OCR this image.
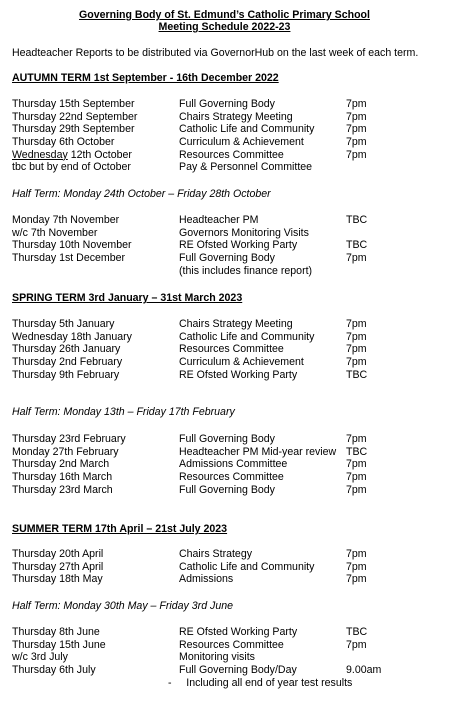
Governing Body of St. Edmund’s Catholic Primary School
Meeting Schedule 2022-23
Headteacher Reports to be distributed via GovernorHub on the last week of each term.
AUTUMN TERM 1st September - 16th December 2022
Thursday 15th September	Full Governing Body	7pm
Thursday 22nd September	Chairs Strategy Meeting	7pm
Thursday 29th September	Catholic Life and Community	7pm
Thursday 6th October	Curriculum & Achievement	7pm
Wednesday 12th October	Resources Committee	7pm
tbc but by end of October	Pay & Personnel Committee
Half Term: Monday 24th October – Friday 28th October
Monday 7th November	Headteacher PM	TBC
w/c 7th November	Governors Monitoring Visits
Thursday 10th November	RE Ofsted Working Party	TBC
Thursday 1st December	Full Governing Body	7pm
(this includes finance report)
SPRING TERM 3rd January – 31st March 2023
Thursday 5th January	Chairs Strategy Meeting	7pm
Wednesday 18th January	Catholic Life and Community	7pm
Thursday 26th January	Resources Committee	7pm
Thursday 2nd February	Curriculum & Achievement	7pm
Thursday 9th February	RE Ofsted Working Party	TBC
Half Term: Monday 13th – Friday 17th February
Thursday 23rd February	Full Governing Body	7pm
Monday 27th February	Headteacher PM Mid-year review TBC
Thursday 2nd March	Admissions Committee	7pm
Thursday 16th March	Resources Committee	7pm
Thursday 23rd March	Full Governing Body	7pm
SUMMER TERM 17th April – 21st July 2023
Thursday 20th April	Chairs Strategy	7pm
Thursday 27th April	Catholic Life and Community	7pm
Thursday 18th May	Admissions	7pm
Half Term: Monday 30th May – Friday 3rd June
Thursday 8th June	RE Ofsted Working Party	TBC
Thursday 15th June	Resources Committee	7pm
w/c 3rd July	Monitoring visits
Thursday 6th July	Full Governing Body/Day	9.00am
-     Including all end of year test results
